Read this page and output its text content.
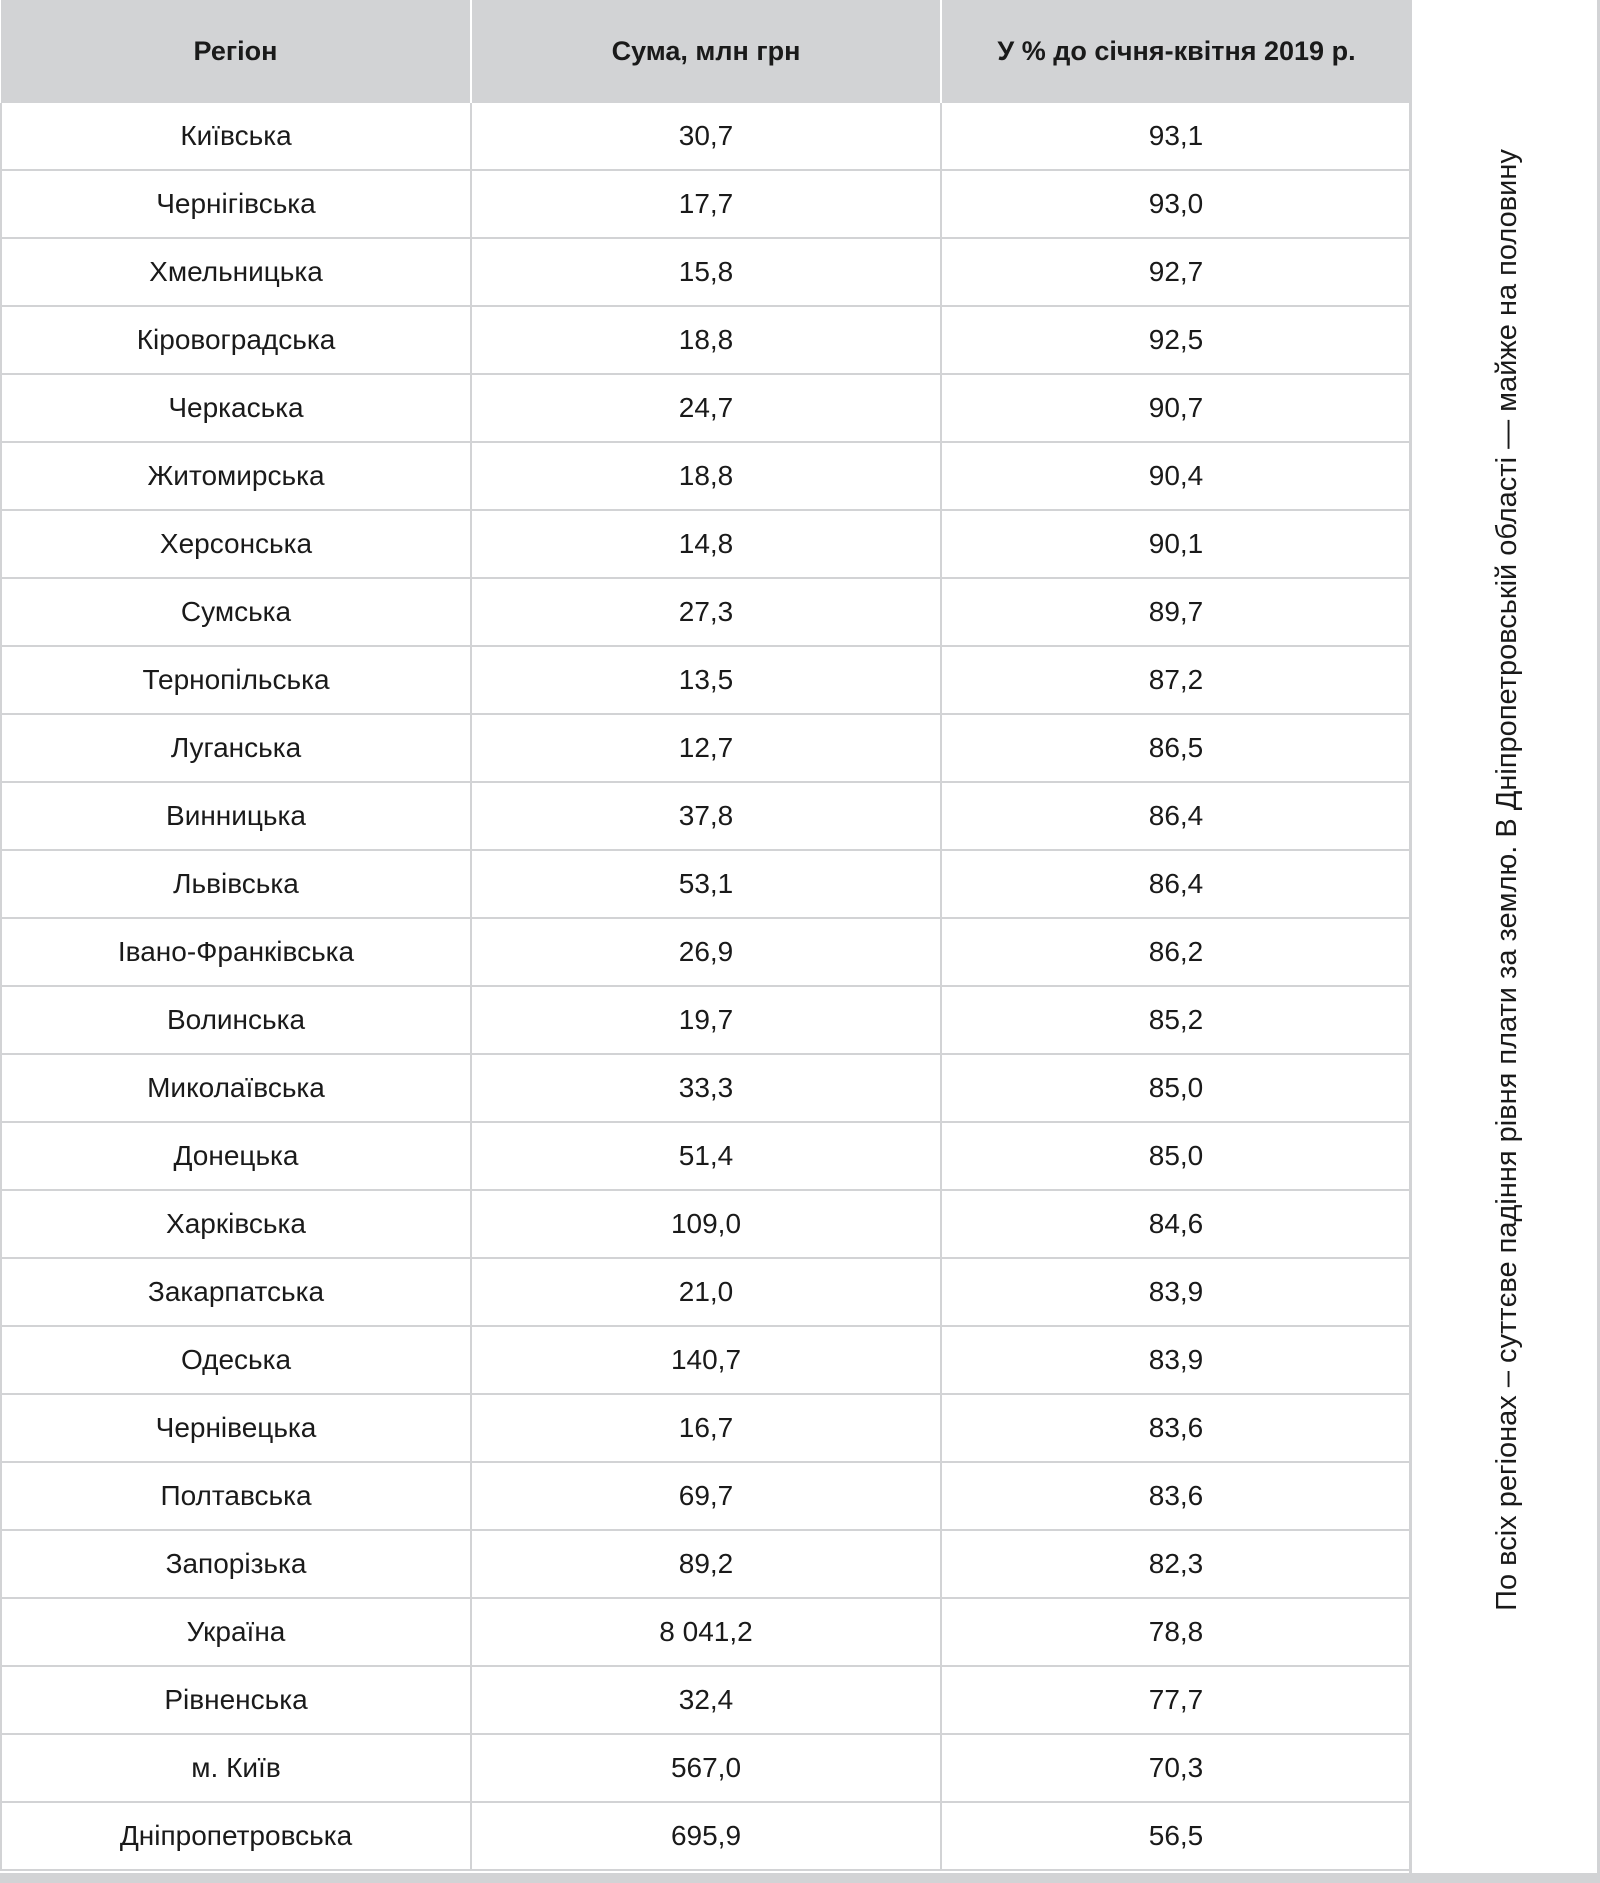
Регіон	Сума, млн грн	У % до січня-квітня 2019 р.
Київська	30,7	93,1
Чернігівська	17,7	93,0
Хмельницька	15,8	92,7
Кіровоградська	18,8	92,5
Черкаська	24,7	90,7
Житомирська	18,8	90,4
Херсонська	14,8	90,1
Сумська	27,3	89,7
Тернопільська	13,5	87,2
Луганська	12,7	86,5
Винницька	37,8	86,4
Львівська	53,1	86,4
Івано-Франківська	26,9	86,2
Волинська	19,7	85,2
Миколаївська	33,3	85,0
Донецька	51,4	85,0
Харківська	109,0	84,6
Закарпатська	21,0	83,9
Одеська	140,7	83,9
Чернівецька	16,7	83,6
Полтавська	69,7	83,6
Запорізька	89,2	82,3
Україна	8 041,2	78,8
Рівненська	32,4	77,7
м. Київ	567,0	70,3
Дніпропетровська	695,9	56,5
По всіх регіонах – суттєве падіння рівня плати за землю. В Дніпропетровській області — майже на половину
